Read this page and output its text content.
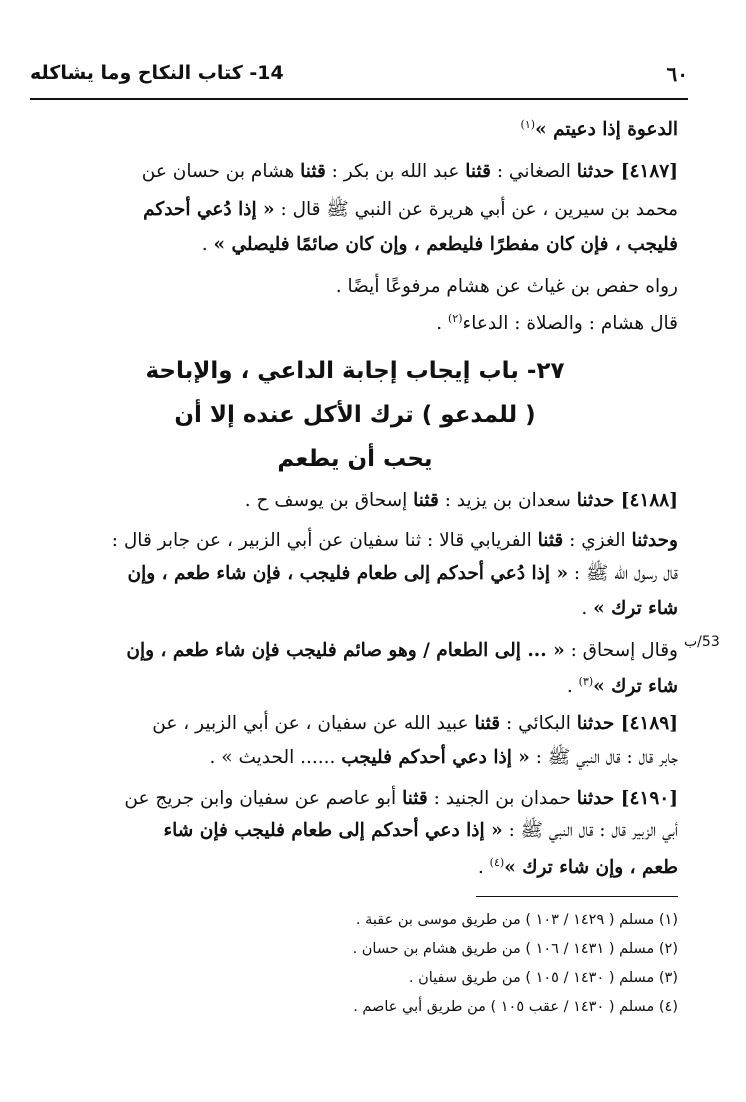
٦٠
14- كتاب النكاح وما يشاكله
الدعوة إذا دعيتم »$^{(١)}$
[٤١٨٧] حدثنا الصغاني : قثنا عبد الله بن بكر : قثنا هشام بن حسان عن
محمد بن سيرين ، عن أبي هريرة عن النبي ﷺ قال : « إذا دُعي أحدكم
فليجب ، فإن كان مفطرًا فليطعم ، وإن كان صائمًا فليصلي » .
رواه حفص بن غياث عن هشام مرفوعًا أيضًا .
قال هشام : والصلاة : الدعاء$^{(٢)}$ .
٢٧- باب إيجاب إجابة الداعي ، والإباحة
( للمدعو ) ترك الأكل عنده إلا أن
يحب أن يطعم
[٤١٨٨] حدثنا سعدان بن يزيد : قثنا إسحاق بن يوسف ح .
وحدثنا الغزي : قثنا الفريابي قالا : ثنا سفيان عن أبي الزبير ، عن جابر قال :
قال رسول الله ﷺ : « إذا دُعي أحدكم إلى طعام فليجب ، فإن شاء طعم ، وإن
شاء ترك » .
وقال إسحاق : « ... إلى الطعام / وهو صائم فليجب فإن شاء طعم ، وإن
شاء ترك »$^{(٣)}$ .
[٤١٨٩] حدثنا البكائي : قثنا عبيد الله عن سفيان ، عن أبي الزبير ، عن
جابر قال : قال النبي ﷺ : « إذا دعي أحدكم فليجب ...... الحديث » .
[٤١٩٠] حدثنا حمدان بن الجنيد : قثنا أبو عاصم عن سفيان وابن جريج عن
أبي الزبير قال : قال النبي ﷺ : « إذا دعي أحدكم إلى طعام فليجب فإن شاء
طعم ، وإن شاء ترك »$^{(٤)}$ .
53/ب
(١) مسلم ( ١٤٢٩ / ١٠٣ ) من طريق موسى بن عقبة .
(٢) مسلم ( ١٤٣١ / ١٠٦ ) من طريق هشام بن حسان .
(٣) مسلم ( ١٤٣٠ / ١٠٥ ) من طريق سفيان .
(٤) مسلم ( ١٤٣٠ / عقب ١٠٥ ) من طريق أبي عاصم .
